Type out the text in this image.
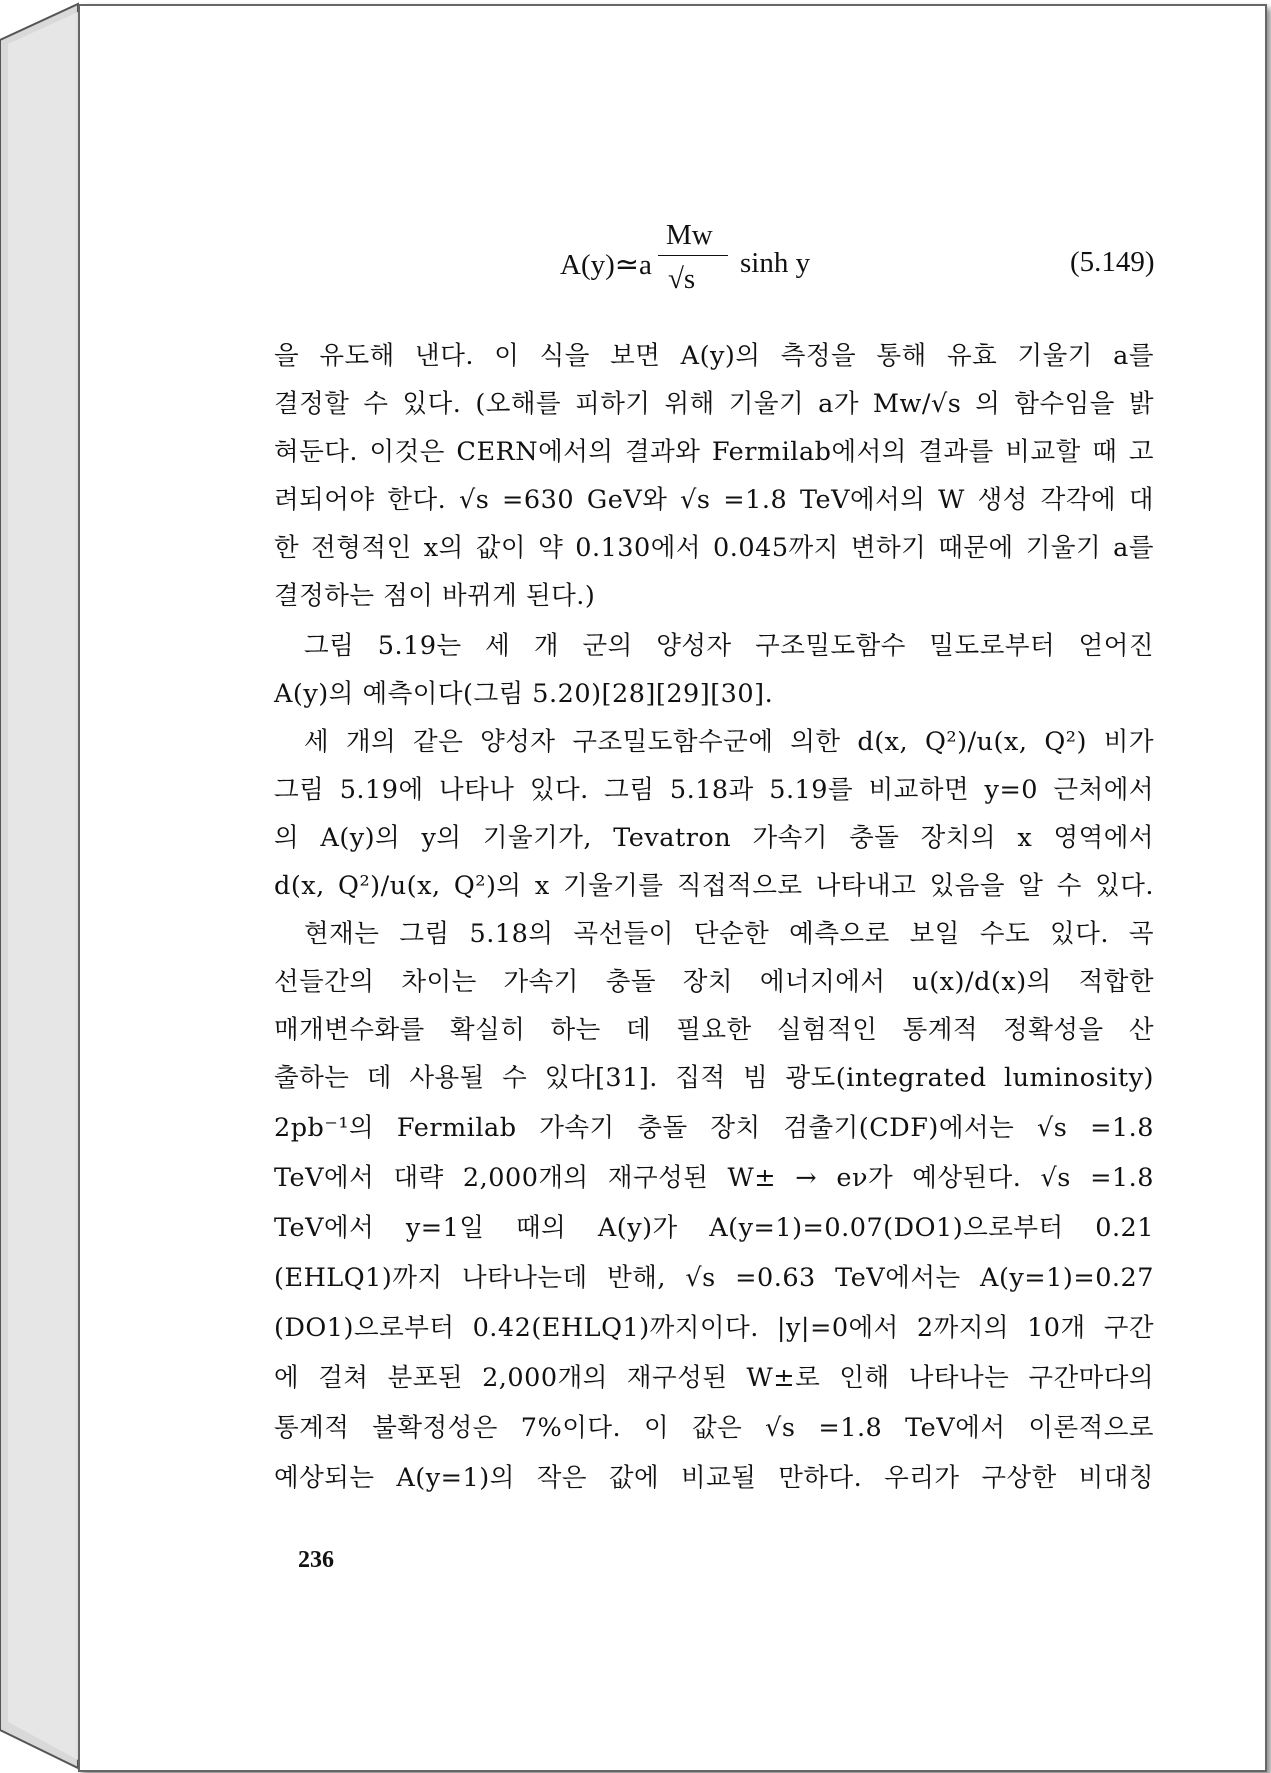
A(y)≃a
Mw
√s sinh y	(5.149)
을 유도해 낸다. 이 식을 보면 A(y)의 측정을 통해 유효 기울기 a를
결정할 수 있다. (오해를 피하기 위해 기울기 a가 Mw/√s 의 함수임을 밝
혀둔다. 이것은 CERN에서의 결과와 Fermilab에서의 결과를 비교할 때 고
려되어야 한다. √s =630 GeV와 √s =1.8 TeV에서의 W 생성 각각에 대
한 전형적인 x의 값이 약 0.130에서 0.045까지 변하기 때문에 기울기 a를
결정하는 점이 바뀌게 된다.)
그림 5.19는 세 개 군의 양성자 구조밀도함수 밀도로부터 얻어진
A(y)의 예측이다(그림 5.20)[28][29][30].
세 개의 같은 양성자 구조밀도함수군에 의한 d(x, Q²)/u(x, Q²) 비가
그림 5.19에 나타나 있다. 그림 5.18과 5.19를 비교하면 y=0 근처에서
의 A(y)의 y의 기울기가, Tevatron 가속기 충돌 장치의 x 영역에서
d(x, Q²)/u(x, Q²)의 x 기울기를 직접적으로 나타내고 있음을 알 수 있다.
현재는 그림 5.18의 곡선들이 단순한 예측으로 보일 수도 있다. 곡
선들간의 차이는 가속기 충돌 장치 에너지에서 u(x)/d(x)의 적합한
매개변수화를 확실히 하는 데 필요한 실험적인 통계적 정확성을 산
출하는 데 사용될 수 있다[31]. 집적 빔 광도(integrated luminosity)
2pb⁻¹의 Fermilab 가속기 충돌 장치 검출기(CDF)에서는 √s =1.8
TeV에서 대략 2,000개의 재구성된 W± → eν가 예상된다. √s =1.8
TeV에서 y=1일 때의 A(y)가 A(y=1)=0.07(DO1)으로부터 0.21
(EHLQ1)까지 나타나는데 반해, √s =0.63 TeV에서는 A(y=1)=0.27
(DO1)으로부터 0.42(EHLQ1)까지이다. |y|=0에서 2까지의 10개 구간
에 걸쳐 분포된 2,000개의 재구성된 W±로 인해 나타나는 구간마다의
통계적 불확정성은 7%이다. 이 값은 √s =1.8 TeV에서 이론적으로
예상되는 A(y=1)의 작은 값에 비교될 만하다. 우리가 구상한 비대칭
236
